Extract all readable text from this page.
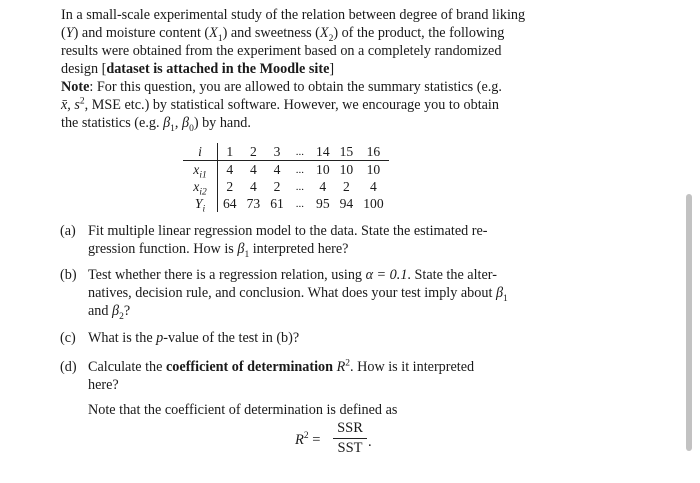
In a small-scale experimental study of the relation between degree of brand liking
(Y) and moisture content $(X_1)$ and sweetness $(X_2)$ of the product, the following
results were obtained from the experiment based on a completely randomized
design [dataset is attached in the Moodle site]
Note: For this question, you are allowed to obtain the summary statistics (e.g.
x̄, $s^2$, MSE etc.) by statistical software. However, we encourage you to obtain
the statistics (e.g. $\beta_1$, $\beta_0$) by hand.
i	1	2	3	...	14	15	16
$x_{i1}$	4	4	4	...	10	10	10
$x_{i2}$	2	4	2	...	4	2	4
$Y_i$	64	73	61	...	95	94	100
(a) Fit multiple linear regression model to the data. State the estimated re-
gression function. How is $\beta_1$ interpreted here?
(b) Test whether there is a regression relation, using α = 0.1. State the alter-
natives, decision rule, and conclusion. What does your test imply about $\beta_1$
and $\beta_2$?
(c) What is the p-value of the test in (b)?
(d) Calculate the coefficient of determination $R^2$. How is it interpreted
here?
Note that the coefficient of determination is defined as
$R^2$ =
SSR
SST .
